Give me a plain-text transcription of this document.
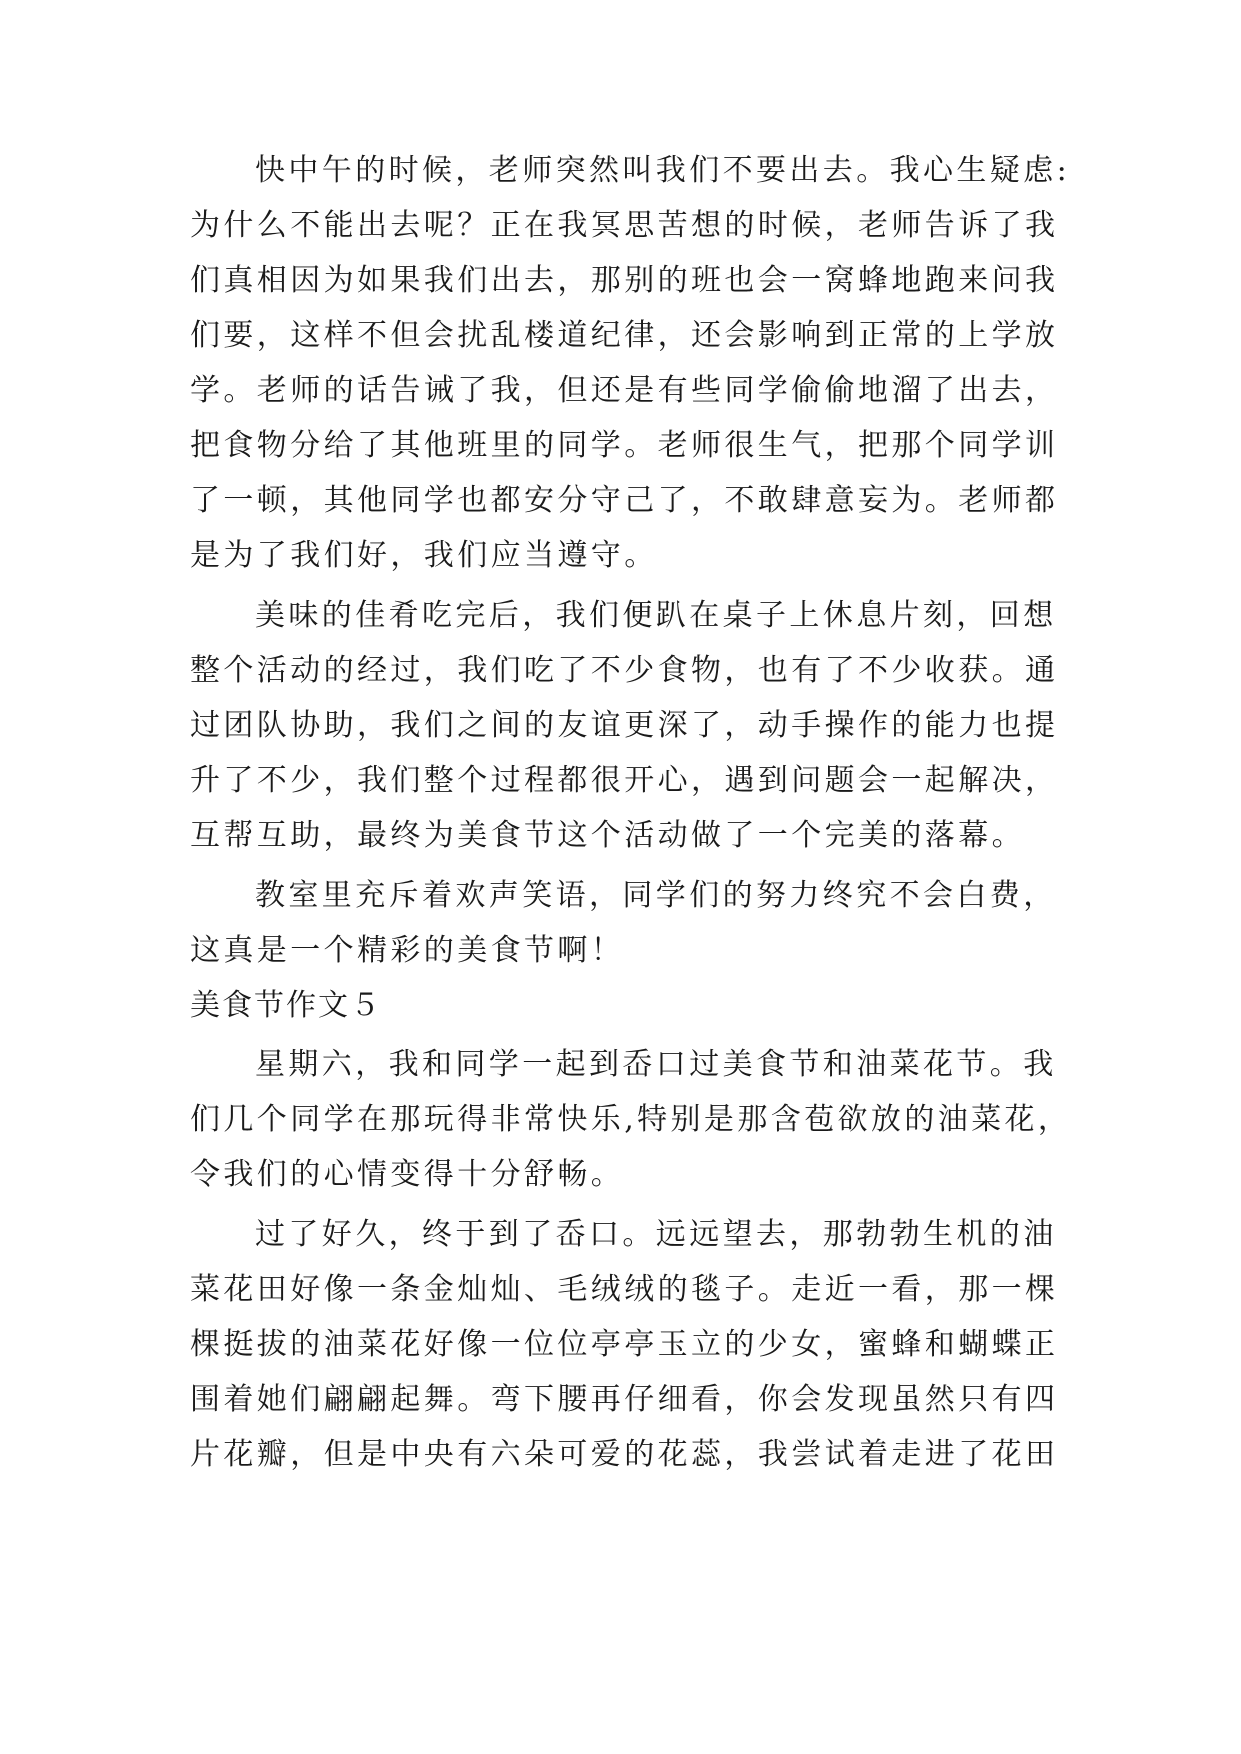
快中午的时候，老师突然叫我们不要出去。我心生疑虑:
为什么不能出去呢？正在我冥思苦想的时候，老师告诉了我
们真相因为如果我们出去，那别的班也会一窝蜂地跑来问我
们要，这样不但会扰乱楼道纪律，还会影响到正常的上学放
学。老师的话告诫了我，但还是有些同学偷偷地溜了出去，
把食物分给了其他班里的同学。老师很生气，把那个同学训
了一顿，其他同学也都安分守己了，不敢肆意妄为。老师都
是为了我们好，我们应当遵守。
美味的佳肴吃完后，我们便趴在桌子上休息片刻，回想
整个活动的经过，我们吃了不少食物，也有了不少收获。通
过团队协助，我们之间的友谊更深了，动手操作的能力也提
升了不少，我们整个过程都很开心，遇到问题会一起解决，
互帮互助，最终为美食节这个活动做了一个完美的落幕。
教室里充斥着欢声笑语，同学们的努力终究不会白费，
这真是一个精彩的美食节啊！
美食节作文５
星期六，我和同学一起到岙口过美食节和油菜花节。我
们几个同学在那玩得非常快乐,特别是那含苞欲放的油菜花，
令我们的心情变得十分舒畅。
过了好久，终于到了岙口。远远望去，那勃勃生机的油
菜花田好像一条金灿灿、毛绒绒的毯子。走近一看，那一棵
棵挺拔的油菜花好像一位位亭亭玉立的少女，蜜蜂和蝴蝶正
围着她们翩翩起舞。弯下腰再仔细看，你会发现虽然只有四
片花瓣，但是中央有六朵可爱的花蕊，我尝试着走进了花田
